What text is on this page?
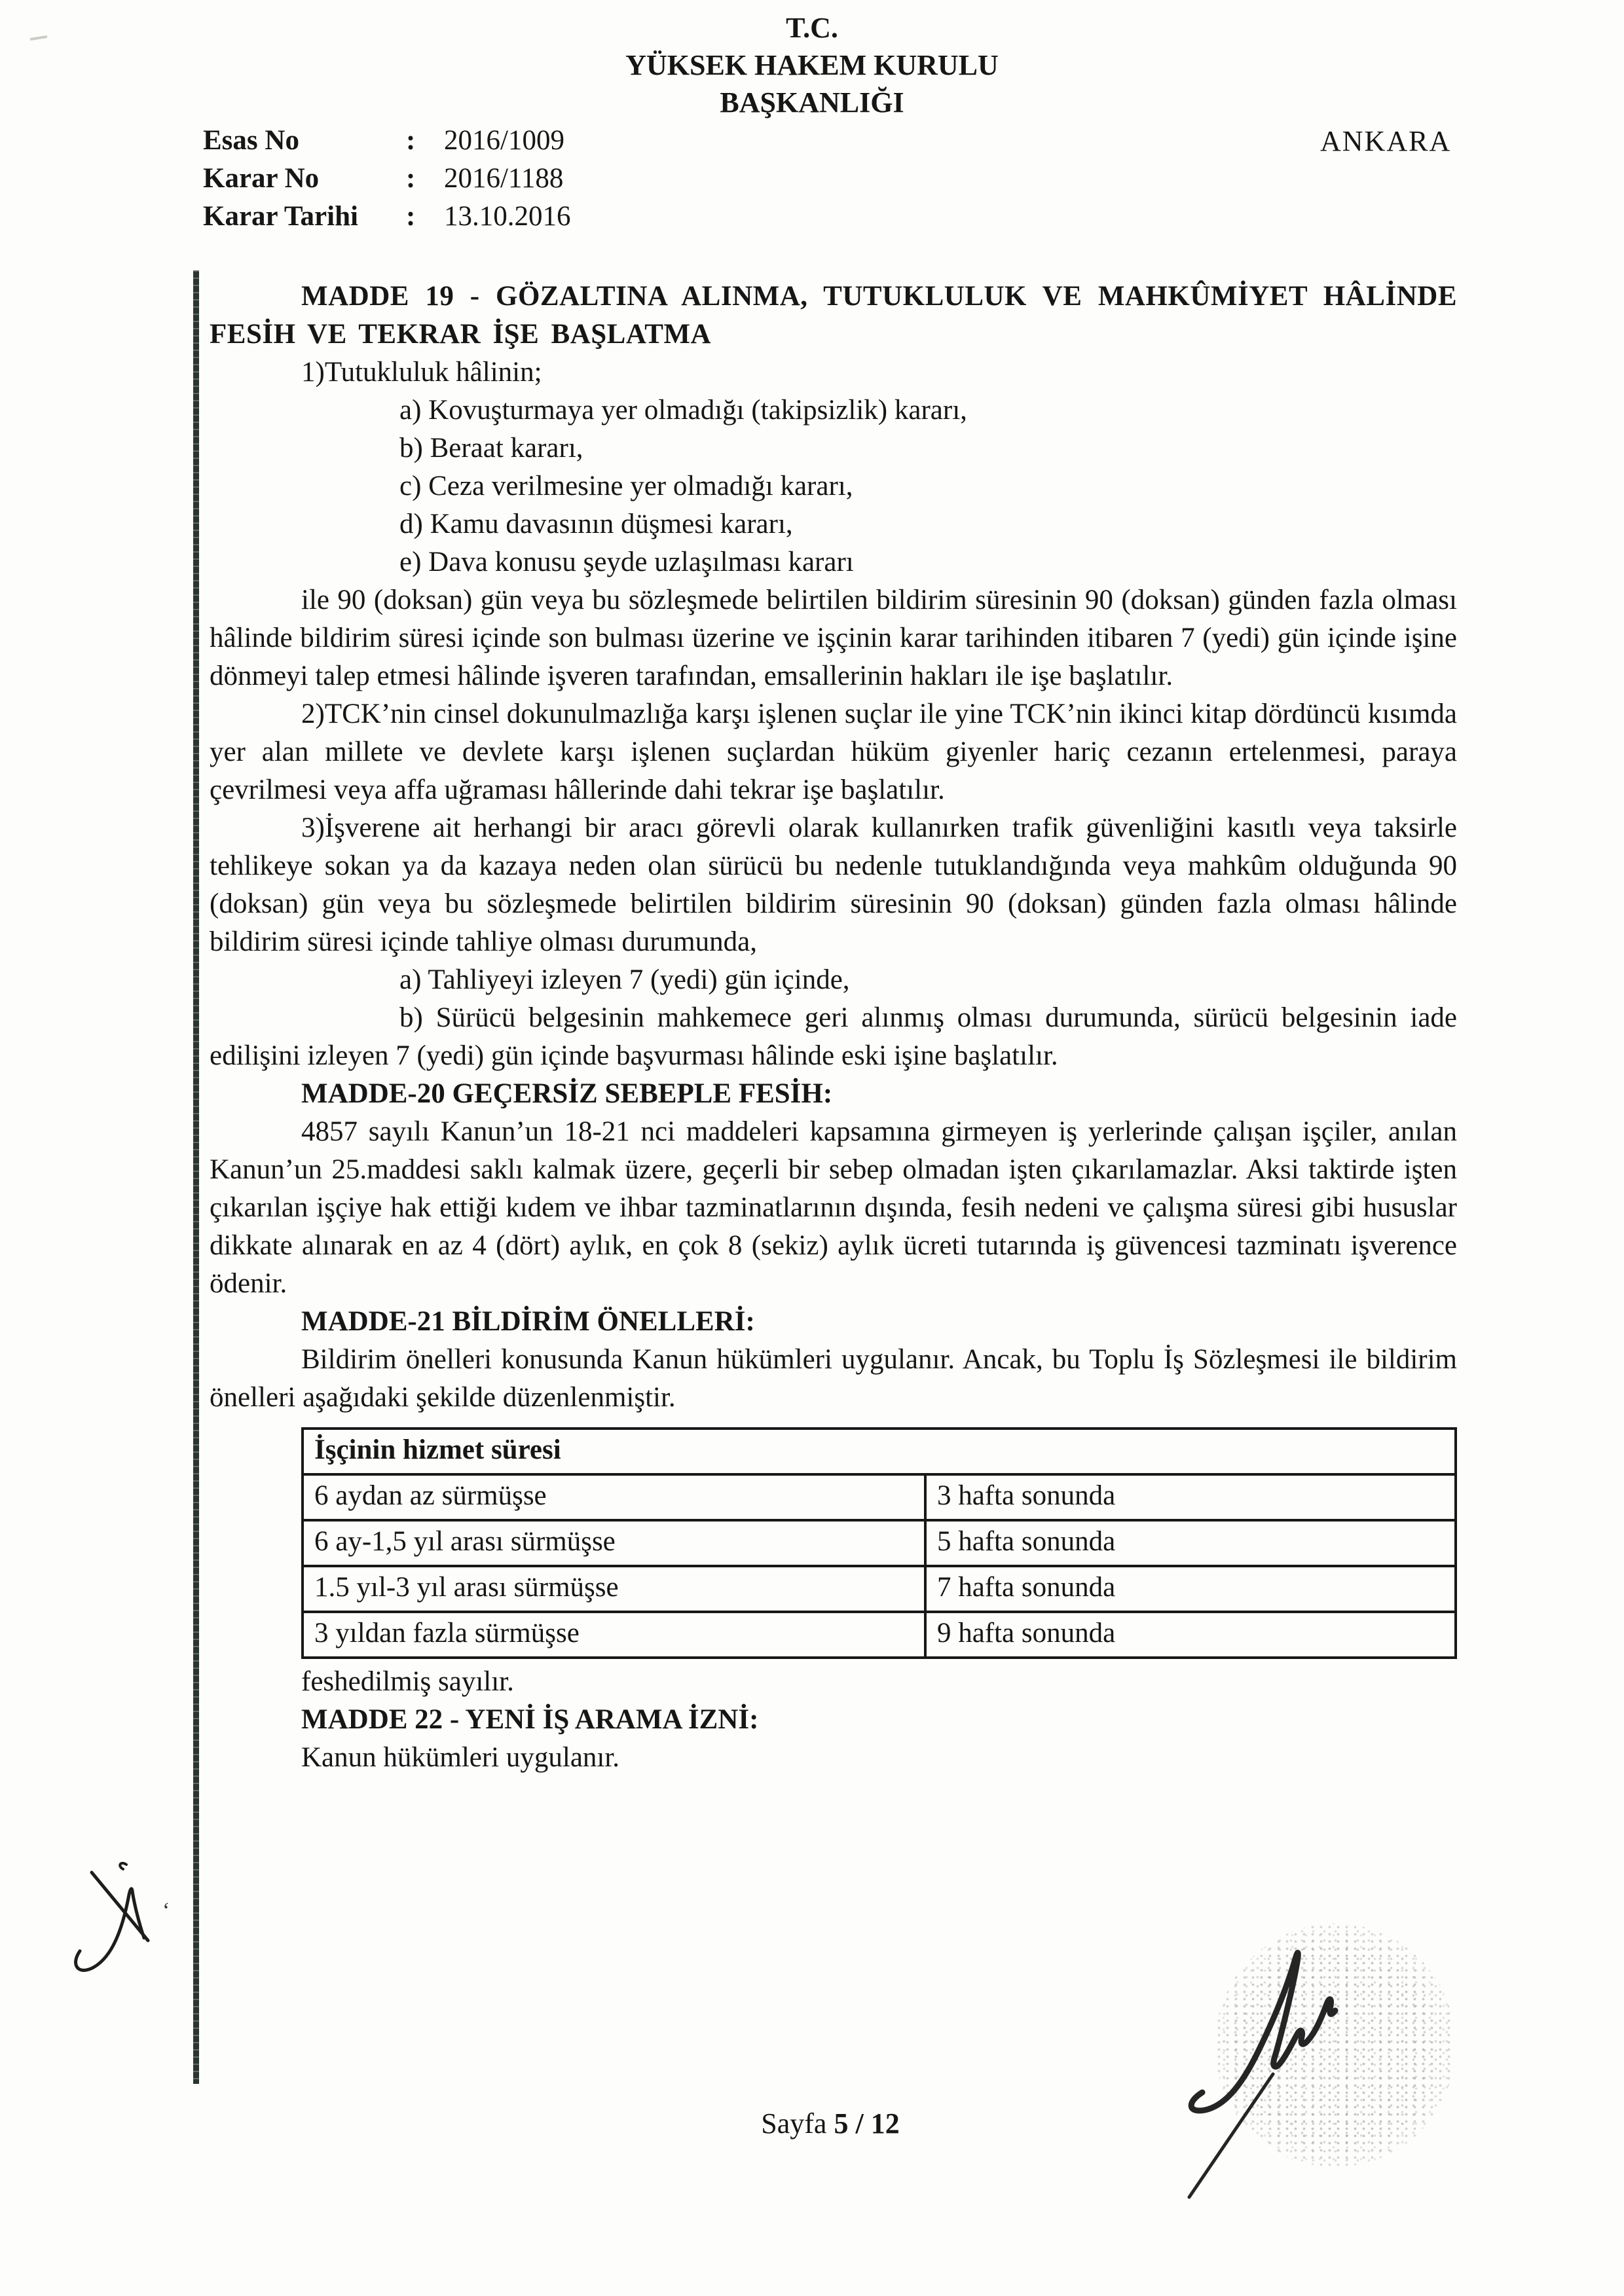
T.C.
YÜKSEK HAKEM KURULU
BAŞKANLIĞI
ANKARA
Esas No	: 2016/1009
Karar No	: 2016/1188
Karar Tarihi : 13.10.2016

MADDE 19 - GÖZALTINA ALINMA, TUTUKLULUK VE MAHKÛMİYET HÂLİNDE FESİH VE TEKRAR İŞE BAŞLATMA

1)Tutukluluk hâlinin;

a) Kovuşturmaya yer olmadığı (takipsizlik) kararı,

b) Beraat kararı,

c) Ceza verilmesine yer olmadığı kararı,

d) Kamu davasının düşmesi kararı,

e) Dava konusu şeyde uzlaşılması kararı

ile 90 (doksan) gün veya bu sözleşmede belirtilen bildirim süresinin 90 (doksan) günden fazla olması hâlinde bildirim süresi içinde son bulması üzerine ve işçinin karar tarihinden itibaren 7 (yedi) gün içinde işine dönmeyi talep etmesi hâlinde işveren tarafından, emsallerinin hakları ile işe başlatılır.

2)TCK’nin cinsel dokunulmazlığa karşı işlenen suçlar ile yine TCK’nin ikinci kitap dördüncü kısımda yer alan millete ve devlete karşı işlenen suçlardan hüküm giyenler hariç cezanın ertelenmesi, paraya çevrilmesi veya affa uğraması hâllerinde dahi tekrar işe başlatılır.

3)İşverene ait herhangi bir aracı görevli olarak kullanırken trafik güvenliğini kasıtlı veya taksirle tehlikeye sokan ya da kazaya neden olan sürücü bu nedenle tutuklandığında veya mahkûm olduğunda 90 (doksan) gün veya bu sözleşmede belirtilen bildirim süresinin 90 (doksan) günden fazla olması hâlinde bildirim süresi içinde tahliye olması durumunda,

a) Tahliyeyi izleyen 7 (yedi) gün içinde,

b) Sürücü belgesinin mahkemece geri alınmış olması durumunda, sürücü belgesinin iade edilişini izleyen 7 (yedi) gün içinde başvurması hâlinde eski işine başlatılır.

MADDE-20 GEÇERSİZ SEBEPLE FESİH:

4857 sayılı Kanun’un 18-21 nci maddeleri kapsamına girmeyen iş yerlerinde çalışan işçiler, anılan Kanun’un 25.maddesi saklı kalmak üzere, geçerli bir sebep olmadan işten çıkarılamazlar. Aksi taktirde işten çıkarılan işçiye hak ettiği kıdem ve ihbar tazminatlarının dışında, fesih nedeni ve çalışma süresi gibi hususlar dikkate alınarak en az 4 (dört) aylık, en çok 8 (sekiz) aylık ücreti tutarında iş güvencesi tazminatı işverence ödenir.

MADDE-21 BİLDİRİM ÖNELLERİ:

Bildirim önelleri konusunda Kanun hükümleri uygulanır. Ancak, bu Toplu İş Sözleşmesi ile bildirim önelleri aşağıdaki şekilde düzenlenmiştir.

İşçinin hizmet süresi	
6 aydan az sürmüşse	3 hafta sonunda
6 ay-1,5 yıl arası sürmüşse	5 hafta sonunda
1.5 yıl-3 yıl arası sürmüşse	7 hafta sonunda
3 yıldan fazla sürmüşse	9 hafta sonunda

feshedilmiş sayılır.

MADDE 22 - YENİ İŞ ARAMA İZNİ:

Kanun hükümleri uygulanır.

Sayfa 5 / 12
‘
